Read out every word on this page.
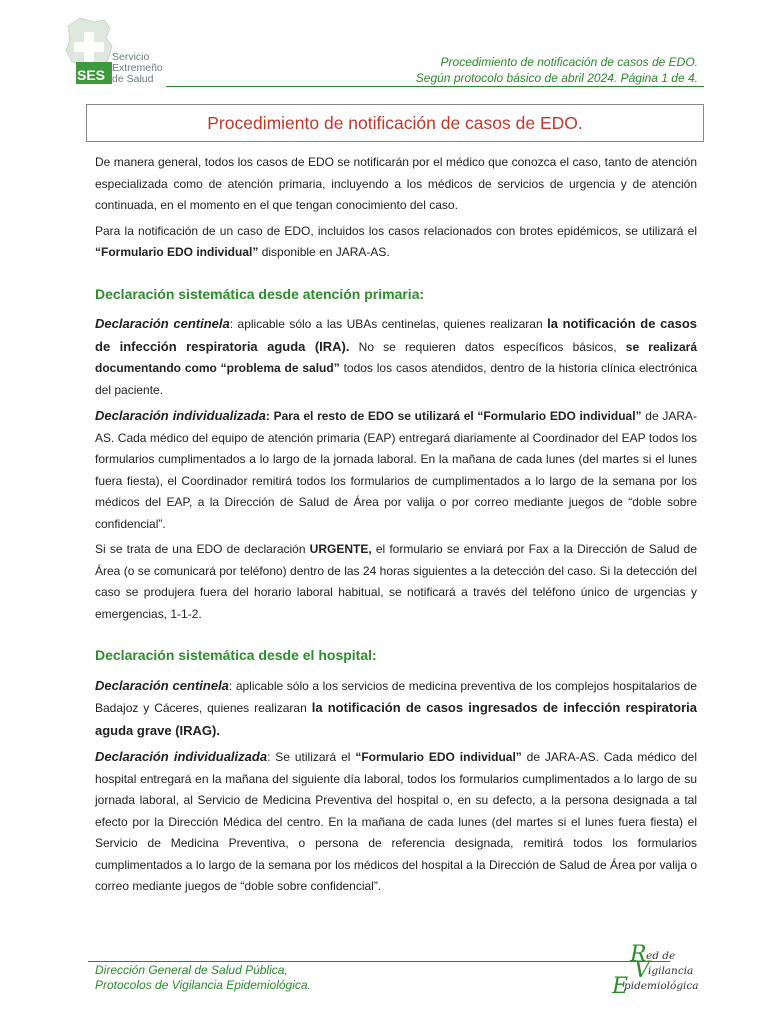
SES
Servicio
Extremeño
de Salud
Procedimiento de notificación de casos de EDO.
Según protocolo básico de abril 2024. Página 1 de 4.
Procedimiento de notificación de casos de EDO.

De manera general, todos los casos de EDO se notificarán por el médico que conozca el caso, tanto de atención especializada como de atención primaria, incluyendo a los médicos de servicios de urgencia y de atención continuada, en el momento en el que tengan conocimiento del caso.

Para la notificación de un caso de EDO, incluidos los casos relacionados con brotes epidémicos, se utilizará el “Formulario EDO individual” disponible en JARA-AS.

Declaración sistemática desde atención primaria:

Declaración centinela: aplicable sólo a las UBAs centinelas, quienes realizaran la notificación de casos de infección respiratoria aguda (IRA). No se requieren datos específicos básicos, se realizará documentando como “problema de salud” todos los casos atendidos, dentro de la historia clínica electrónica del paciente.

Declaración individualizada: Para el resto de EDO se utilizará el “Formulario EDO individual” de JARA-AS. Cada médico del equipo de atención primaria (EAP) entregará diariamente al Coordinador del EAP todos los formularios cumplimentados a lo largo de la jornada laboral. En la mañana de cada lunes (del martes si el lunes fuera fiesta), el Coordinador remitirá todos los formularios de cumplimentados a lo largo de la semana por los médicos del EAP, a la Dirección de Salud de Área por valija o por correo mediante juegos de “doble sobre confidencial”.

Si se trata de una EDO de declaración URGENTE, el formulario se enviará por Fax a la Dirección de Salud de Área (o se comunicará por teléfono) dentro de las 24 horas siguientes a la detección del caso. Si la detección del caso se produjera fuera del horario laboral habitual, se notificará a través del teléfono único de urgencias y emergencias, 1-1-2.

Declaración sistemática desde el hospital:

Declaración centinela: aplicable sólo a los servicios de medicina preventiva de los complejos hospitalarios de Badajoz y Cáceres, quienes realizaran la notificación de casos ingresados de infección respiratoria aguda grave (IRAG).

Declaración individualizada: Se utilizará el “Formulario EDO individual” de JARA-AS. Cada médico del hospital entregará en la mañana del siguiente día laboral, todos los formularios cumplimentados a lo largo de su jornada laboral, al Servicio de Medicina Preventiva del hospital o, en su defecto, a la persona designada a tal efecto por la Dirección Médica del centro. En la mañana de cada lunes (del martes si el lunes fuera fiesta) el Servicio de Medicina Preventiva, o persona de referencia designada, remitirá todos los formularios cumplimentados a lo largo de la semana por los médicos del hospital a la Dirección de Salud de Área por valija o correo mediante juegos de “doble sobre confidencial”.

Dirección General de Salud Pública,
Protocolos de Vigilancia Epidemiológica.
R ed de
V
igilancia
E
pidemiológica
